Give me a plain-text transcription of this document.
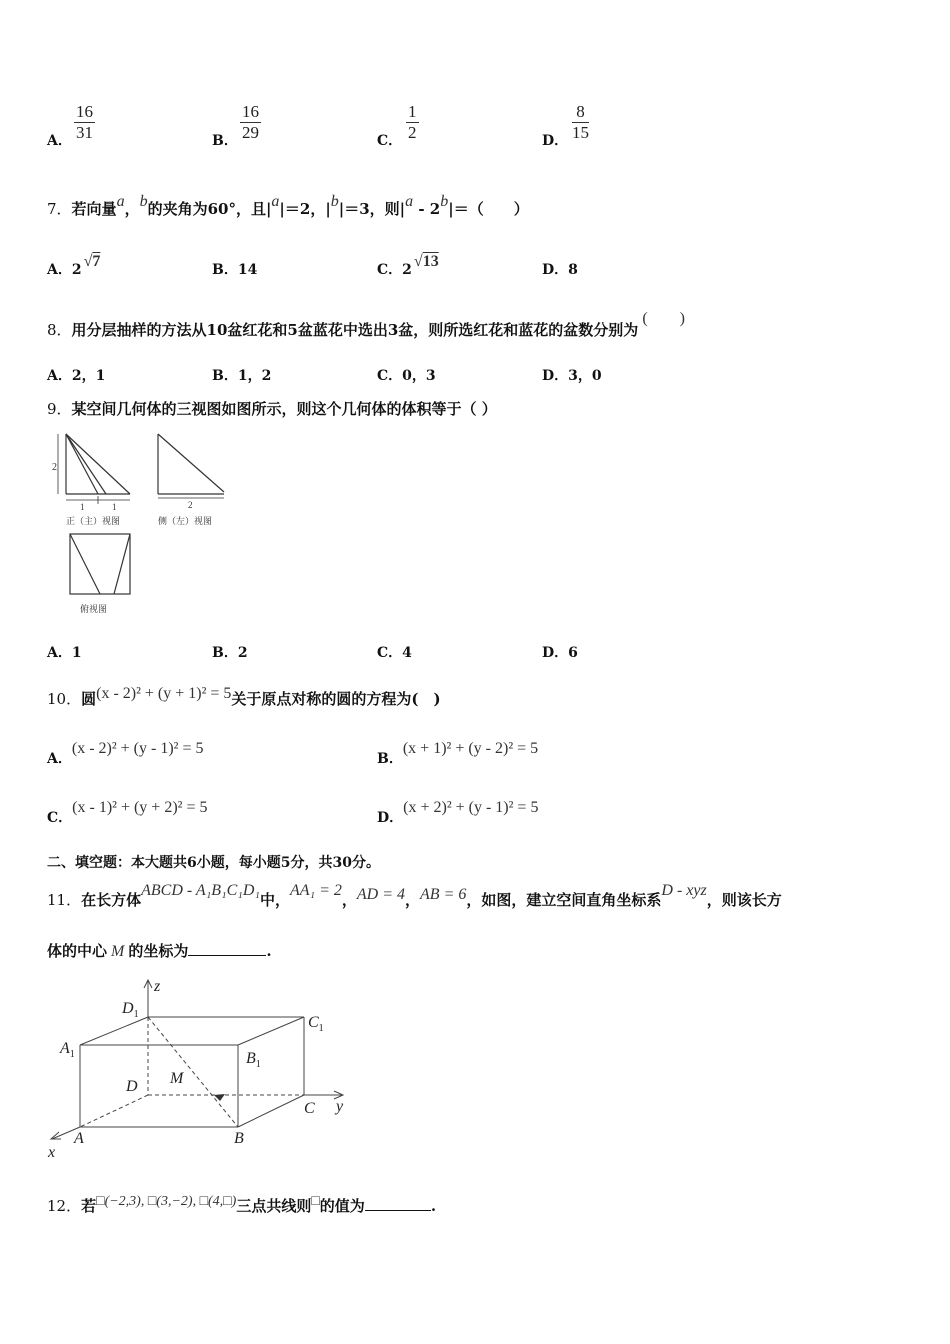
A． $\frac{16}{31}$	B． $\frac{16}{29}$	C． $\frac{1}{2}$	D． $\frac{8}{15}$
7．若向量a，b的夹角为60°，且|a|＝2，|b|＝3，则|a - 2b|＝（　　）
A．2 √7	B．14	C．2 √13	D．8
8．用分层抽样的方法从10盆红花和5盆蓝花中选出3盆，则所选红花和蓝花的盆数分别为(　　)
A．2，1	B．1，2	C．0，3	D．3，0
9．某空间几何体的三视图如图所示，则这个几何体的体积等于（ ）
2
1	1	2
正（主）视图	侧（左）视图
俯视图
A．1	B．2	C．4	D．6
10．圆(x - 2)² + (y + 1)² = 5关于原点对称的圆的方程为(　)
A．(x - 2)² + (y - 1)² = 5
B．(x + 1)² + (y - 2)² = 5
C．(x - 1)² + (y + 2)² = 5
D．(x + 2)² + (y - 1)² = 5
二、填空题：本大题共6小题，每小题5分，共30分。
11．在长方体ABCD - A₁B₁C₁D₁中，AA₁ = 2，AD = 4，AB = 6，如图，建立空间直角坐标系D - xyz，则该长方
体的中心 M 的坐标为	.
z
$D_1$	$C_1$
$A_1$	$B_1$
D M
C y
A	B
x
12．若□(−2,3), □(3,−2), □(4,□)三点共线则□的值为	.
